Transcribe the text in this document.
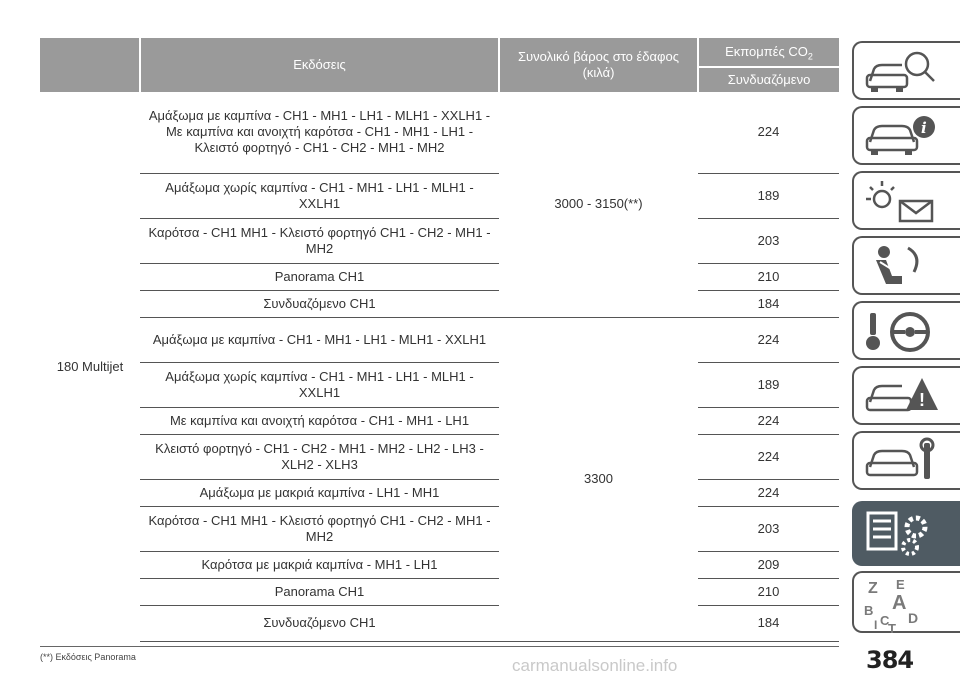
	Εκδόσεις	Συνολικό βάρος στο έδαφος (κιλά)	Εκπομπές $CO_2$
			Συνδυαζόμενο
180 Multijet	Αμάξωμα με καμπίνα - CH1 - MH1 - LH1 - MLH1 - XXLH1 - Με καμπίνα και ανοιχτή καρότσα - CH1 - MH1 - LH1 - Κλειστό φορτηγό - CH1 - CH2 - MH1 - MH2	3000 - 3150(**)	224
	Αμάξωμα χωρίς καμπίνα - CH1 - MH1 - LH1 - MLH1 - XXLH1		189
	Καρότσα - CH1 MH1 - Κλειστό φορτηγό CH1 - CH2 - MH1 - MH2		203
	Panorama CH1		210
	Συνδυαζόμενο CH1		184
	Αμάξωμα με καμπίνα - CH1 - MH1 - LH1 - MLH1 - XXLH1	3300	224
	Αμάξωμα χωρίς καμπίνα - CH1 - MH1 - LH1 - MLH1 - XXLH1		189
	Με καμπίνα και ανοιχτή καρότσα - CH1 - MH1 - LH1		224
	Κλειστό φορτηγό - CH1 - CH2 - MH1 - MH2 - LH2 - LH3 - XLH2 - XLH3		224
	Αμάξωμα με μακριά καμπίνα - LH1 - MH1		224
	Καρότσα - CH1 MH1 - Κλειστό φορτηγό CH1 - CH2 - MH1 - MH2		203
	Καρότσα με μακριά καμπίνα - MH1 - LH1		209
	Panorama CH1		210
	Συνδυαζόμενο CH1		184
(**) Εκδόσεις Panorama	carmanualsonline.info	384
i
!
Z E
A
B
C D
T
I
